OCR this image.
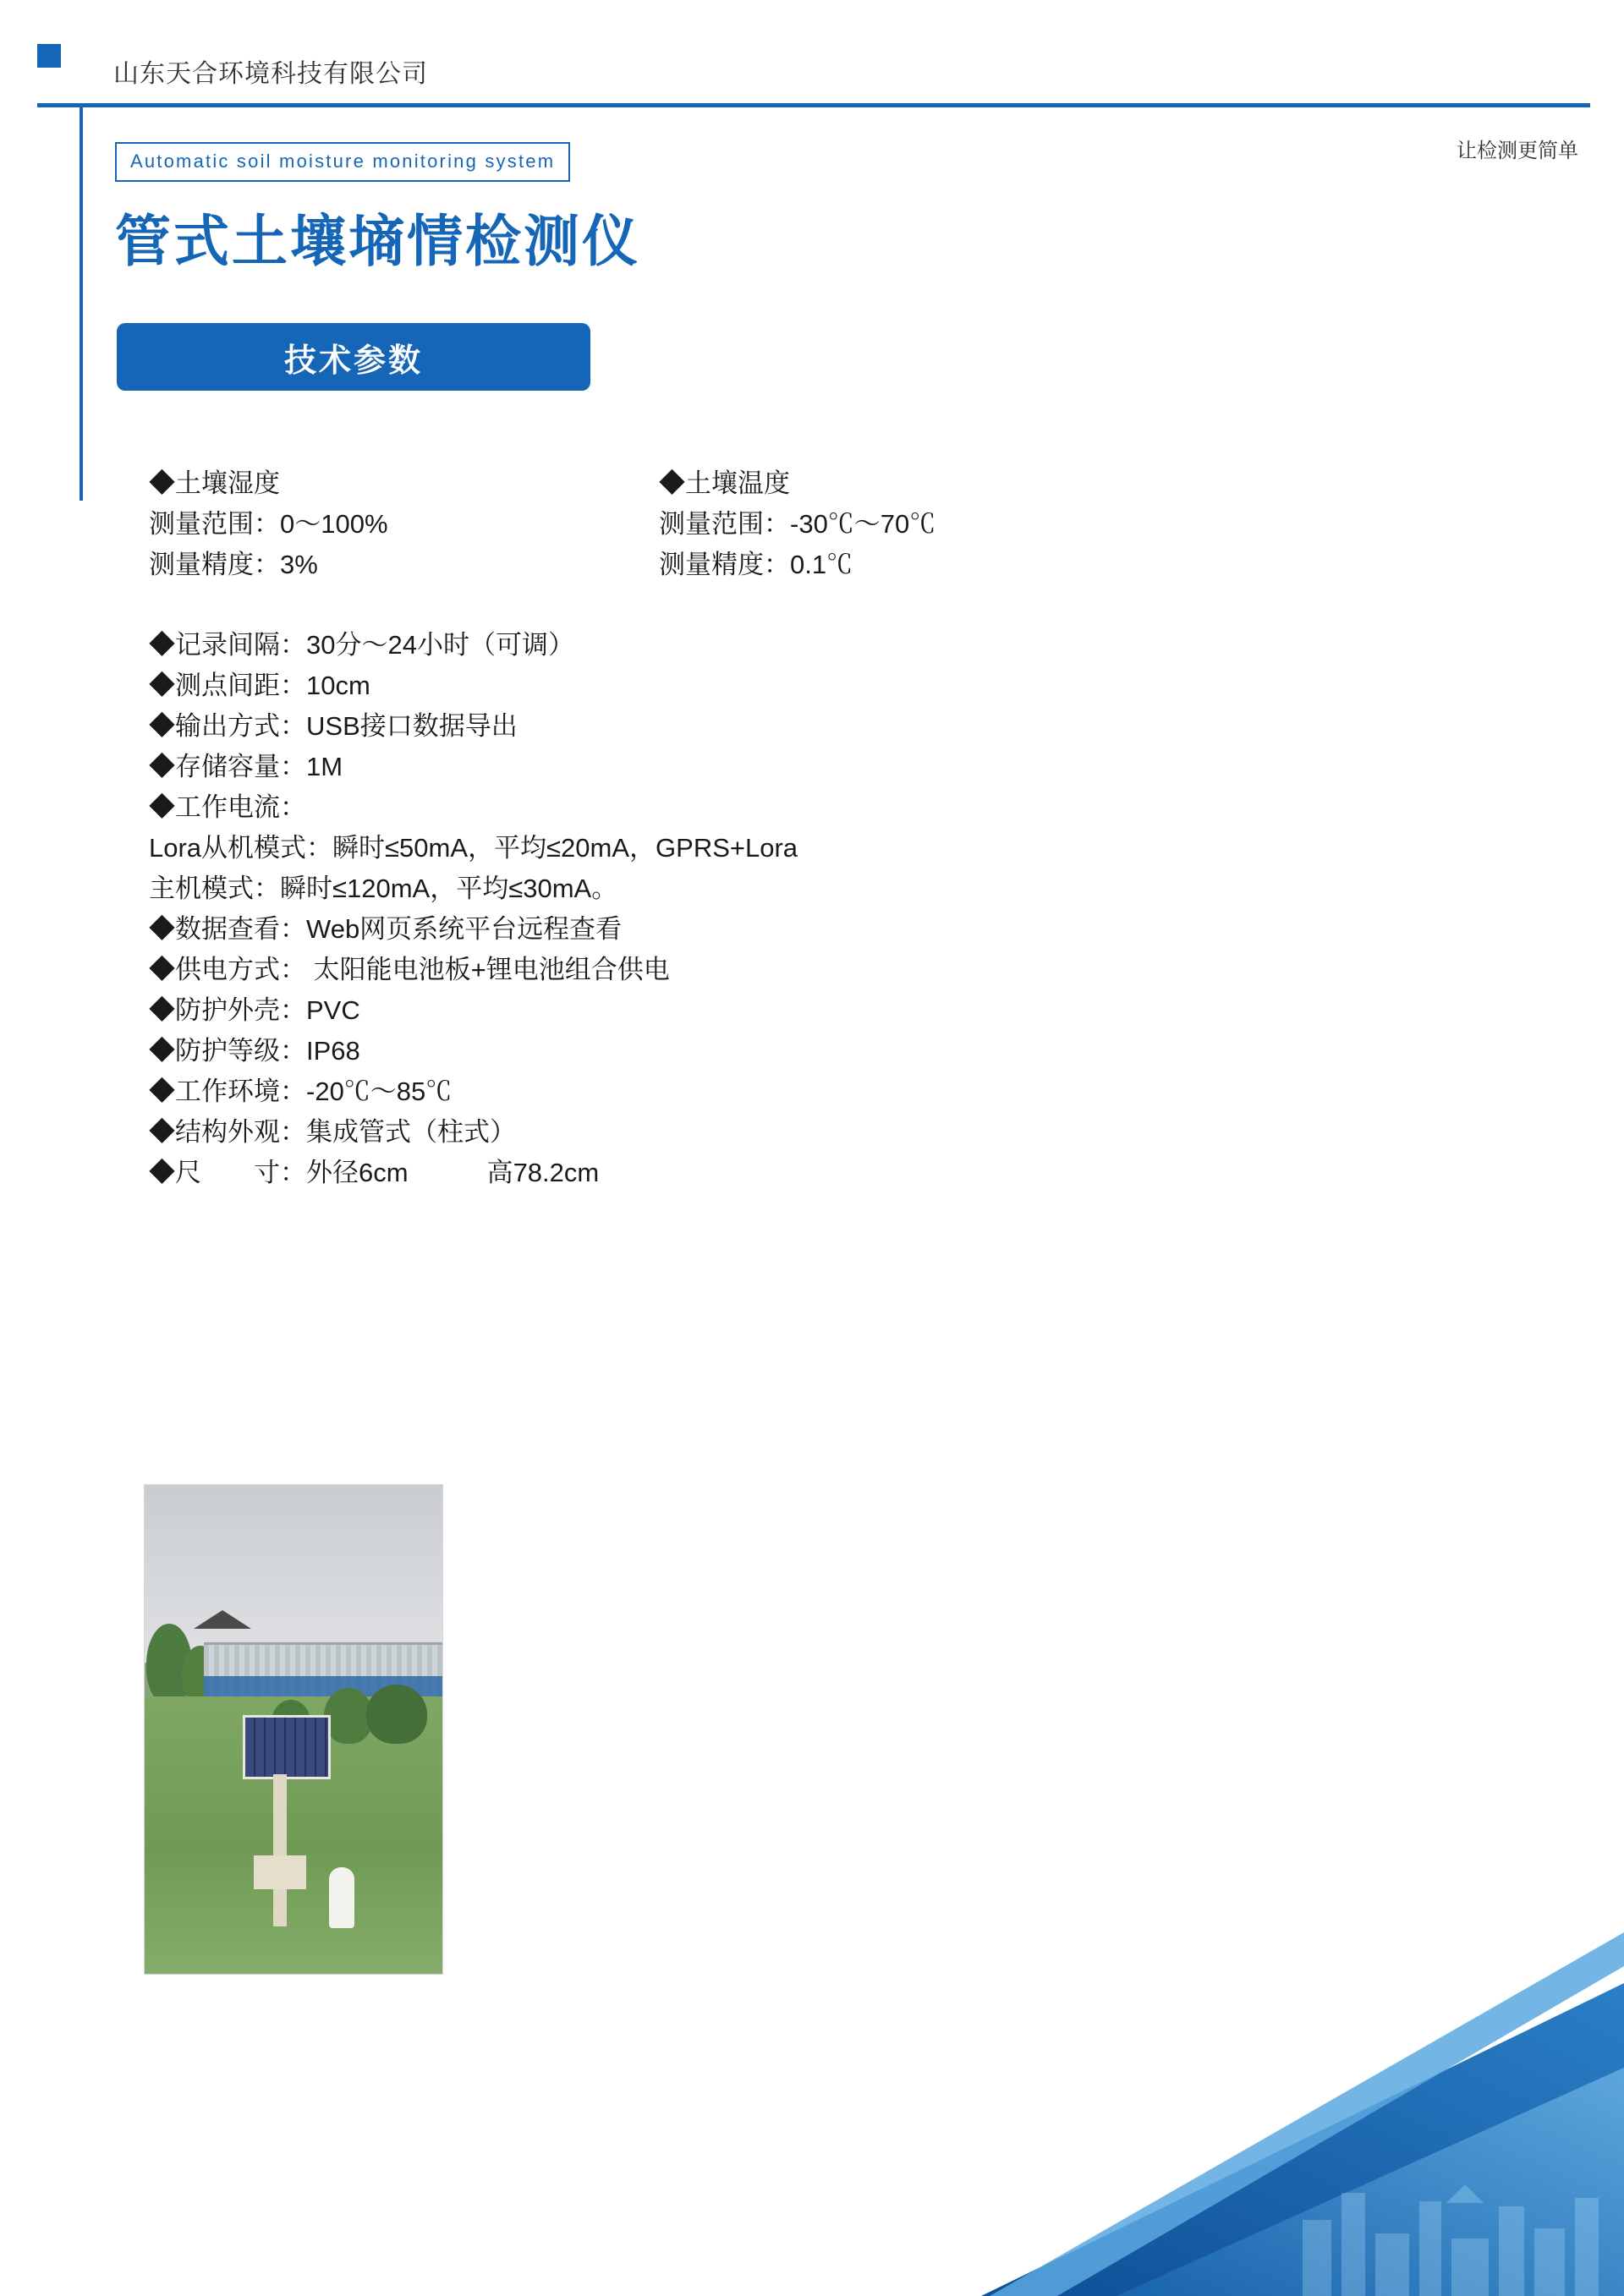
山东天合环境科技有限公司
让检测更简单
Automatic soil moisture monitoring system
管式土壤墒情检测仪
技术参数
◆土壤湿度
测量范围：0～100%
测量精度：3%
◆土壤温度
测量范围：-30℃～70℃
测量精度：0.1℃
◆记录间隔：30分～24小时（可调）
◆测点间距：10cm
◆输出方式：USB接口数据导出
◆存储容量：1M
◆工作电流：
Lora从机模式：瞬时≤50mA，平均≤20mA，GPRS+Lora
主机模式：瞬时≤120mA，平均≤30mA。
◆数据查看：Web网页系统平台远程查看
◆供电方式： 太阳能电池板+锂电池组合供电
◆防护外壳：PVC
◆防护等级：IP68
◆工作环境：-20℃～85℃
◆结构外观：集成管式（柱式）
◆尺　　寸：外径6cm　　　高78.2cm
